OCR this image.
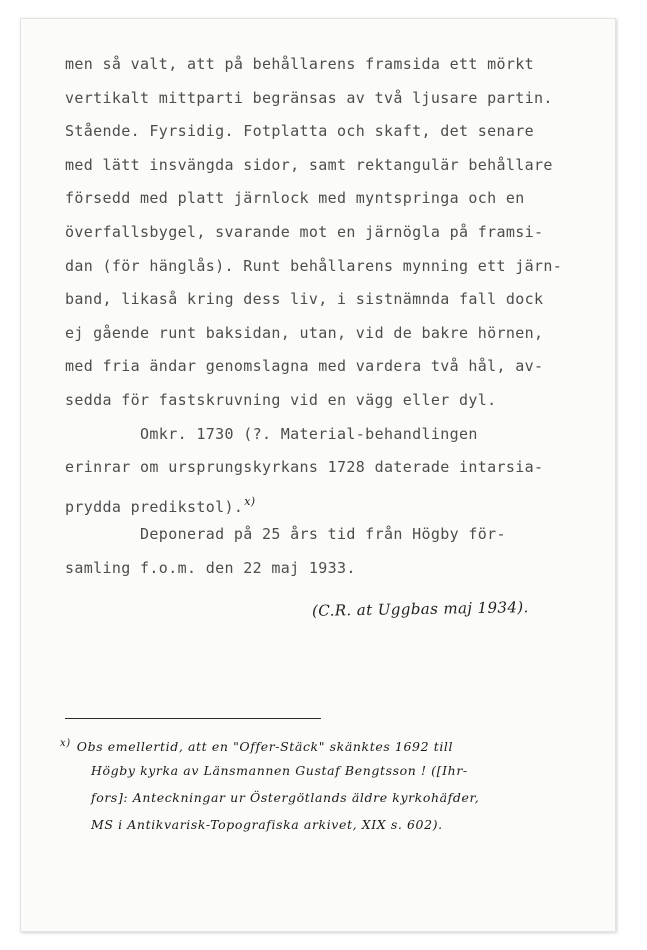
men så valt, att på behållarens framsida ett mörkt
vertikalt mittparti begränsas av två ljusare partin.
Stående. Fyrsidig. Fotplatta och skaft, det senare
med lätt insvängda sidor, samt rektangulär behållare
försedd med platt järnlock med myntspringa och en
överfallsbygel, svarande mot en järnögla på framsi-
dan (för hänglås). Runt behållarens mynning ett järn-
band, likaså kring dess liv, i sistnämnda fall dock
ej gående runt baksidan, utan, vid de bakre hörnen,
med fria ändar genomslagna med vardera två hål, av-
sedda för fastskruvning vid en vägg eller dyl.
Omkr. 1730 (?. Material-behandlingen
erinrar om ursprungskyrkans 1728 daterade intarsia-
prydda predikstol).$^{x)}$
Deponerad på 25 års tid från Högby för-
samling f.o.m. den 22 maj 1933.
(C.R. at Uggbas maj 1934).
$^{x)}$ Obs emellertid, att en "Offer-Stäck" skänktes 1692 till
Högby kyrka av Länsmannen Gustaf Bengtsson ! ([Ihr-
fors]: Anteckningar ur Östergötlands äldre kyrkohäfder,
MS i Antikvarisk-Topografiska arkivet, XIX s. 602).
